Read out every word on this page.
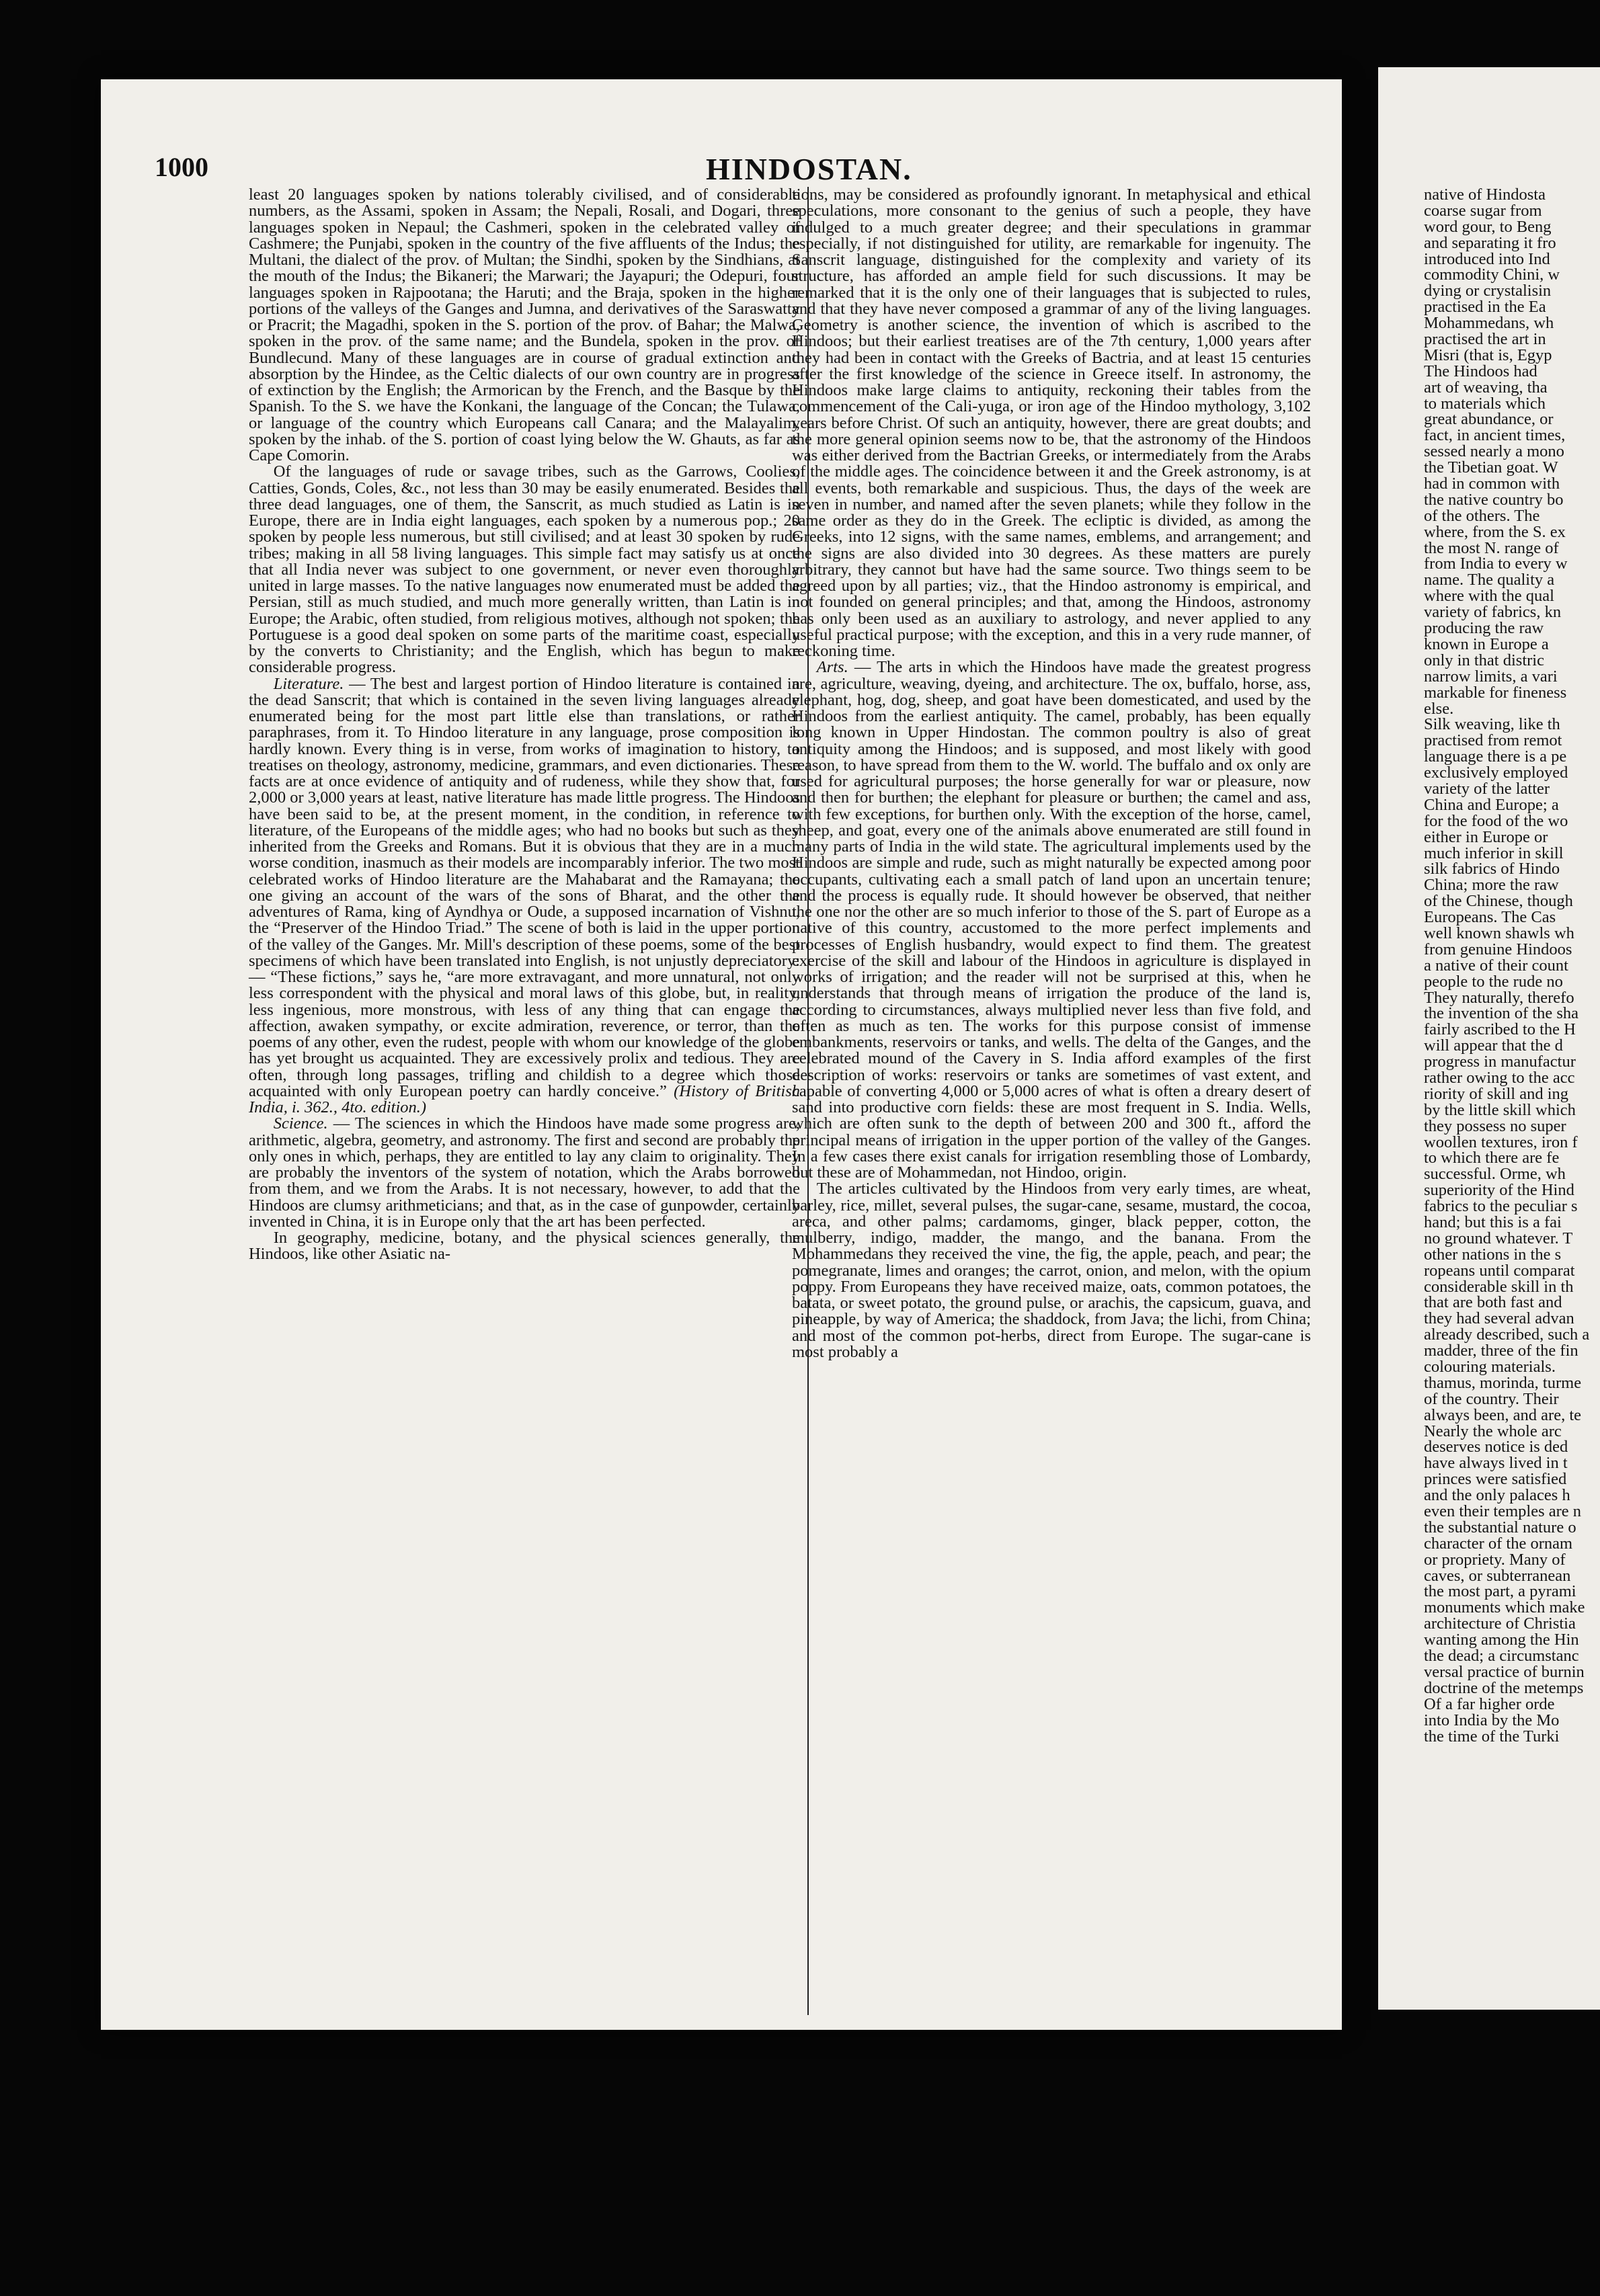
1000	HINDOSTAN.

least 20 languages spoken by nations tolerably civilised, and of considerable numbers, as the Assami, spoken in Assam; the Nepali, Rosali, and Dogari, three languages spoken in Nepaul; the Cashmeri, spoken in the celebrated valley of Cashmere; the Punjabi, spoken in the country of the five affluents of the Indus; the Multani, the dialect of the prov. of Multan; the Sindhi, spoken by the Sindhians, at the mouth of the Indus; the Bikaneri; the Marwari; the Jayapuri; the Odepuri, four languages spoken in Rajpootana; the Haruti; and the Braja, spoken in the higher portions of the valleys of the Ganges and Jumna, and derivatives of the Saraswatty or Pracrit; the Magadhi, spoken in the S. portion of the prov. of Bahar; the Malwa, spoken in the prov. of the same name; and the Bundela, spoken in the prov. of Bundlecund. Many of these languages are in course of gradual extinction and absorption by the Hindee, as the Celtic dialects of our own country are in progress of extinction by the English; the Armorican by the French, and the Basque by the Spanish. To the S. we have the Konkani, the language of the Concan; the Tulawa, or language of the country which Europeans call Canara; and the Malayalim, spoken by the inhab. of the S. portion of coast lying below the W. Ghauts, as far as Cape Comorin.

Of the languages of rude or savage tribes, such as the Garrows, Coolies, Catties, Gonds, Coles, &c., not less than 30 may be easily enumerated. Besides the three dead languages, one of them, the Sanscrit, as much studied as Latin is in Europe, there are in India eight languages, each spoken by a numerous pop.; 20 spoken by people less numerous, but still civilised; and at least 30 spoken by rude tribes; making in all 58 living languages. This simple fact may satisfy us at once that all India never was subject to one government, or never even thoroughly united in large masses. To the native languages now enumerated must be added the Persian, still as much studied, and much more generally written, than Latin is in Europe; the Arabic, often studied, from religious motives, although not spoken; the Portuguese is a good deal spoken on some parts of the maritime coast, especially by the converts to Christianity; and the English, which has begun to make considerable progress.

Literature. — The best and largest portion of Hindoo literature is contained in the dead Sanscrit; that which is contained in the seven living languages already enumerated being for the most part little else than translations, or rather paraphrases, from it. To Hindoo literature in any language, prose composition is hardly known. Every thing is in verse, from works of imagination to history, to treatises on theology, astronomy, medicine, grammars, and even dictionaries. These facts are at once evidence of antiquity and of rudeness, while they show that, for 2,000 or 3,000 years at least, native literature has made little progress. The Hindoos have been said to be, at the present moment, in the condition, in reference to literature, of the Europeans of the middle ages; who had no books but such as they inherited from the Greeks and Romans. But it is obvious that they are in a much worse condition, inasmuch as their models are incomparably inferior. The two most celebrated works of Hindoo literature are the Mahabarat and the Ramayana; the one giving an account of the wars of the sons of Bharat, and the other the adventures of Rama, king of Ayndhya or Oude, a supposed incarnation of Vishnu, the “Preserver of the Hindoo Triad.” The scene of both is laid in the upper portion of the valley of the Ganges. Mr. Mill's description of these poems, some of the best specimens of which have been translated into English, is not unjustly depreciatory: — “These fictions,” says he, “are more extravagant, and more unnatural, not only less correspondent with the physical and moral laws of this globe, but, in reality, less ingenious, more monstrous, with less of any thing that can engage the affection, awaken sympathy, or excite admiration, reverence, or terror, than the poems of any other, even the rudest, people with whom our knowledge of the globe has yet brought us acquainted. They are excessively prolix and tedious. They are often, through long passages, trifling and childish to a degree which those acquainted with only European poetry can hardly conceive.” (History of British India, i. 362., 4to. edition.)

Science. — The sciences in which the Hindoos have made some progress are, arithmetic, algebra, geometry, and astronomy. The first and second are probably the only ones in which, perhaps, they are entitled to lay any claim to originality. They are probably the inventors of the system of notation, which the Arabs borrowed from them, and we from the Arabs. It is not necessary, however, to add that the Hindoos are clumsy arithmeticians; and that, as in the case of gunpowder, certainly invented in China, it is in Europe only that the art has been perfected.

In geography, medicine, botany, and the physical sciences generally, the Hindoos, like other Asiatic na-

tions, may be considered as profoundly ignorant. In metaphysical and ethical speculations, more consonant to the genius of such a people, they have indulged to a much greater degree; and their speculations in grammar especially, if not distinguished for utility, are remarkable for ingenuity. The Sanscrit language, distinguished for the complexity and variety of its structure, has afforded an ample field for such discussions. It may be remarked that it is the only one of their languages that is subjected to rules, and that they have never composed a grammar of any of the living languages. Geometry is another science, the invention of which is ascribed to the Hindoos; but their earliest treatises are of the 7th century, 1,000 years after they had been in contact with the Greeks of Bactria, and at least 15 centuries after the first knowledge of the science in Greece itself. In astronomy, the Hindoos make large claims to antiquity, reckoning their tables from the commencement of the Cali-yuga, or iron age of the Hindoo mythology, 3,102 years before Christ. Of such an antiquity, however, there are great doubts; and the more general opinion seems now to be, that the astronomy of the Hindoos was either derived from the Bactrian Greeks, or intermediately from the Arabs of the middle ages. The coincidence between it and the Greek astronomy, is at all events, both remarkable and suspicious. Thus, the days of the week are seven in number, and named after the seven planets; while they follow in the same order as they do in the Greek. The ecliptic is divided, as among the Greeks, into 12 signs, with the same names, emblems, and arrangement; and the signs are also divided into 30 degrees. As these matters are purely arbitrary, they cannot but have had the same source. Two things seem to be agreed upon by all parties; viz., that the Hindoo astronomy is empirical, and not founded on general principles; and that, among the Hindoos, astronomy has only been used as an auxiliary to astrology, and never applied to any useful practical purpose; with the exception, and this in a very rude manner, of reckoning time.

Arts. — The arts in which the Hindoos have made the greatest progress are, agriculture, weaving, dyeing, and architecture. The ox, buffalo, horse, ass, elephant, hog, dog, sheep, and goat have been domesticated, and used by the Hindoos from the earliest antiquity. The camel, probably, has been equally long known in Upper Hindostan. The common poultry is also of great antiquity among the Hindoos; and is supposed, and most likely with good reason, to have spread from them to the W. world. The buffalo and ox only are used for agricultural purposes; the horse generally for war or pleasure, now and then for burthen; the elephant for pleasure or burthen; the camel and ass, with few exceptions, for burthen only. With the exception of the horse, camel, sheep, and goat, every one of the animals above enumerated are still found in many parts of India in the wild state. The agricultural implements used by the Hindoos are simple and rude, such as might naturally be expected among poor occupants, cultivating each a small patch of land upon an uncertain tenure; and the process is equally rude. It should however be observed, that neither the one nor the other are so much inferior to those of the S. part of Europe as a native of this country, accustomed to the more perfect implements and processes of English husbandry, would expect to find them. The greatest exercise of the skill and labour of the Hindoos in agriculture is displayed in works of irrigation; and the reader will not be surprised at this, when he understands that through means of irrigation the produce of the land is, according to circumstances, always multiplied never less than five fold, and often as much as ten. The works for this purpose consist of immense embankments, reservoirs or tanks, and wells. The delta of the Ganges, and the celebrated mound of the Cavery in S. India afford examples of the first description of works: reservoirs or tanks are sometimes of vast extent, and capable of converting 4,000 or 5,000 acres of what is often a dreary desert of sand into productive corn fields: these are most frequent in S. India. Wells, which are often sunk to the depth of between 200 and 300 ft., afford the principal means of irrigation in the upper portion of the valley of the Ganges. In a few cases there exist canals for irrigation resembling those of Lombardy, but these are of Mohammedan, not Hindoo, origin.

The articles cultivated by the Hindoos from very early times, are wheat, barley, rice, millet, several pulses, the sugar-cane, sesame, mustard, the cocoa, areca, and other palms; cardamoms, ginger, black pepper, cotton, the mulberry, indigo, madder, the mango, and the banana. From the Mohammedans they received the vine, the fig, the apple, peach, and pear; the pomegranate, limes and oranges; the carrot, onion, and melon, with the opium poppy. From Europeans they have received maize, oats, common potatoes, the batata, or sweet potato, the ground pulse, or arachis, the capsicum, guava, and pineapple, by way of America; the shaddock, from Java; the lichi, from China; and most of the common pot-herbs, direct from Europe. The sugar-cane is most probably a

native of Hindosta
coarse sugar from
word gour, to Beng
and separating it fro
introduced into Ind
commodity Chini, w
dying or crystalisin
practised in the Ea
Mohammedans, wh
practised the art in
Misri (that is, Egyp
The Hindoos had
art of weaving, tha
to materials which
great abundance, or
fact, in ancient times,
sessed nearly a mono
the Tibetian goat. W
had in common with
the native country bo
of the others. The
where, from the S. ex
the most N. range of
from India to every w
name. The quality a
where with the qual
variety of fabrics, kn
producing the raw
known in Europe a
only in that distric
narrow limits, a vari
markable for fineness
else.
Silk weaving, like th
practised from remot
language there is a pe
exclusively employed
variety of the latter
China and Europe; a
for the food of the wo
either in Europe or
much inferior in skill
silk fabrics of Hindo
China; more the raw
of the Chinese, though
Europeans. The Cas
well known shawls wh
from genuine Hindoos
a native of their count
people to the rude no
They naturally, therefo
the invention of the sha
fairly ascribed to the H
will appear that the d
progress in manufactur
rather owing to the acc
riority of skill and ing
by the little skill which
they possess no super
woollen textures, iron f
to which there are fe
successful. Orme, wh
superiority of the Hind
fabrics to the peculiar s
hand; but this is a fai
no ground whatever. T
other nations in the s
ropeans until comparat
considerable skill in th
that are both fast and
they had several advan
already described, such a
madder, three of the fin
colouring materials.
thamus, morinda, turme
of the country. Their
always been, and are, te
Nearly the whole arc
deserves notice is ded
have always lived in t
princes were satisfied
and the only palaces h
even their temples are n
the substantial nature o
character of the ornam
or propriety. Many of
caves, or subterranean
the most part, a pyrami
monuments which make
architecture of Christia
wanting among the Hin
the dead; a circumstanc
versal practice of burnin
doctrine of the metemps
Of a far higher orde
into India by the Mo
the time of the Turki
